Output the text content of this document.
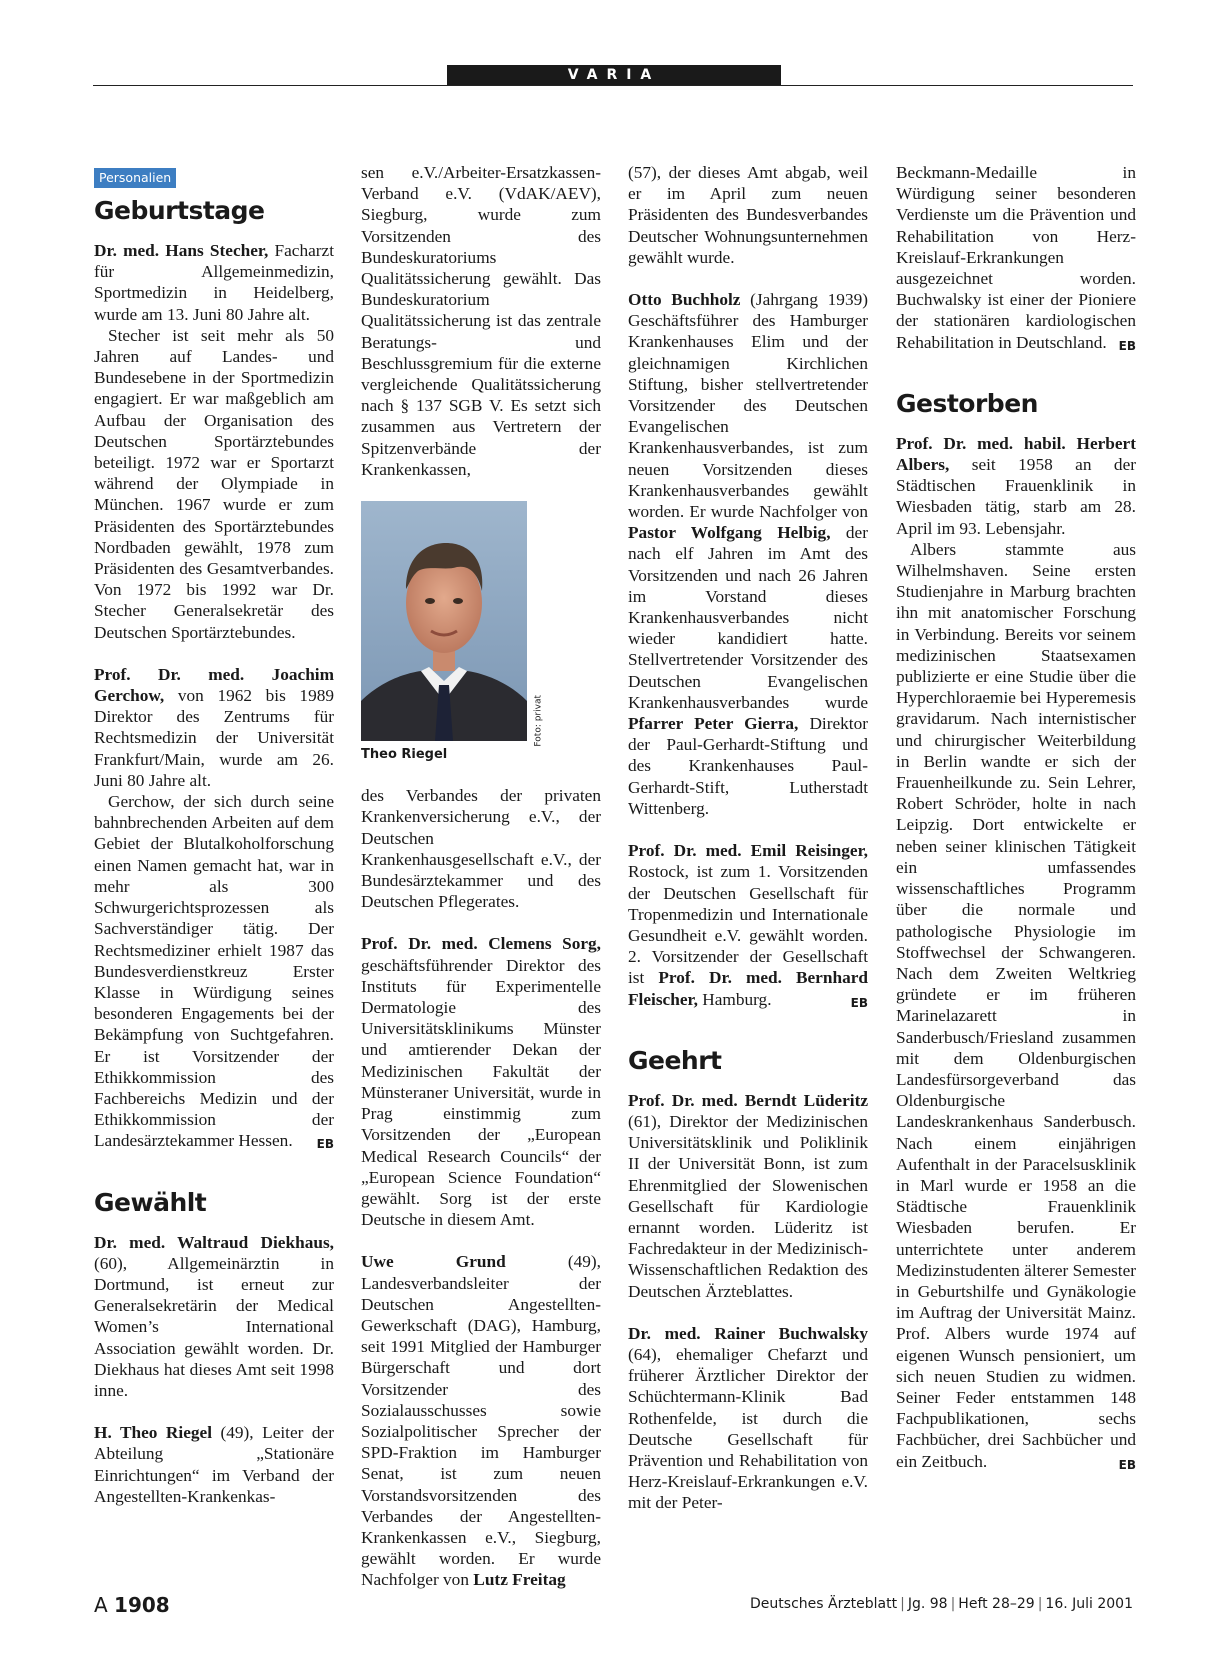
VARIA
Personalien
Geburtstage

Dr. med. Hans Stecher, Facharzt für Allgemeinmedizin, Sportmedizin in Heidelberg, wurde am 13. Juni 80 Jahre alt.

Stecher ist seit mehr als 50 Jahren auf Landes- und Bundesebene in der Sportmedizin engagiert. Er war maßgeblich am Aufbau der Organisation des Deutschen Sportärztebundes beteiligt. 1972 war er Sportarzt während der Olympiade in München. 1967 wurde er zum Präsidenten des Sportärztebundes Nordbaden gewählt, 1978 zum Präsidenten des Gesamtverbandes. Von 1972 bis 1992 war Dr. Stecher Generalsekretär des Deutschen Sportärztebundes.

Prof. Dr. med. Joachim Gerchow, von 1962 bis 1989 Direktor des Zentrums für Rechtsmedizin der Universität Frankfurt/Main, wurde am 26. Juni 80 Jahre alt.

Gerchow, der sich durch seine bahnbrechenden Arbeiten auf dem Gebiet der Blutalkoholforschung einen Namen gemacht hat, war in mehr als 300 Schwurgerichtsprozessen als Sachverständiger tätig. Der Rechtsmediziner erhielt 1987 das Bundesverdienstkreuz Erster Klasse in Würdigung seines besonderen Engagements bei der Bekämpfung von Suchtgefahren. Er ist Vorsitzender der Ethikkommission des Fachbereichs Medizin und der Ethikkommission der Landesärztekammer Hessen.	EB

Gewählt

Dr. med. Waltraud Diekhaus, (60), Allgemeinärztin in Dortmund, ist erneut zur Generalsekretärin der Medical Women’s International Association gewählt worden. Dr. Diekhaus hat dieses Amt seit 1998 inne.

H. Theo Riegel (49), Leiter der Abteilung „Stationäre Einrichtungen“ im Verband der Angestellten-Krankenkas-

sen e.V./Arbeiter-Ersatzkassen-Verband e.V. (VdAK/AEV), Siegburg, wurde zum Vorsitzenden des Bundeskuratoriums Qualitätssicherung gewählt. Das Bundeskuratorium Qualitätssicherung ist das zentrale Beratungs- und Beschlussgremium für die externe vergleichende Qualitätssicherung nach § 137 SGB V. Es setzt sich zusammen aus Vertretern der Spitzenverbände der Krankenkassen,

Foto: privat
Theo Riegel

des Verbandes der privaten Krankenversicherung e.V., der Deutschen Krankenhausgesellschaft e.V., der Bundesärztekammer und des Deutschen Pflegerates.

Prof. Dr. med. Clemens Sorg, geschäftsführender Direktor des Instituts für Experimentelle Dermatologie des Universitätsklinikums Münster und amtierender Dekan der Medizinischen Fakultät der Münsteraner Universität, wurde in Prag einstimmig zum Vorsitzenden der „European Medical Research Councils“ der „European Science Foundation“ gewählt. Sorg ist der erste Deutsche in diesem Amt.

Uwe Grund (49), Landesverbandsleiter der Deutschen Angestellten-Gewerkschaft (DAG), Hamburg, seit 1991 Mitglied der Hamburger Bürgerschaft und dort Vorsitzender des Sozialausschusses sowie Sozialpolitischer Sprecher der SPD-Fraktion im Hamburger Senat, ist zum neuen Vorstandsvorsitzenden des Verbandes der Angestellten-Krankenkassen e.V., Siegburg, gewählt worden. Er wurde Nachfolger von Lutz Freitag

(57), der dieses Amt abgab, weil er im April zum neuen Präsidenten des Bundesverbandes Deutscher Wohnungsunternehmen gewählt wurde.

Otto Buchholz (Jahrgang 1939) Geschäftsführer des Hamburger Krankenhauses Elim und der gleichnamigen Kirchlichen Stiftung, bisher stellvertretender Vorsitzender des Deutschen Evangelischen Krankenhausverbandes, ist zum neuen Vorsitzenden dieses Krankenhausverbandes gewählt worden. Er wurde Nachfolger von Pastor Wolfgang Helbig, der nach elf Jahren im Amt des Vorsitzenden und nach 26 Jahren im Vorstand dieses Krankenhausverbandes nicht wieder kandidiert hatte. Stellvertretender Vorsitzender des Deutschen Evangelischen Krankenhausverbandes wurde Pfarrer Peter Gierra, Direktor der Paul-Gerhardt-Stiftung und des Krankenhauses Paul-Gerhardt-Stift, Lutherstadt Wittenberg.

Prof. Dr. med. Emil Reisinger, Rostock, ist zum 1. Vorsitzenden der Deutschen Gesellschaft für Tropenmedizin und Internationale Gesundheit e.V. gewählt worden. 2. Vorsitzender der Gesellschaft ist Prof. Dr. med. Bernhard Fleischer, Hamburg.	EB

Geehrt

Prof. Dr. med. Berndt Lüderitz (61), Direktor der Medizinischen Universitätsklinik und Poliklinik II der Universität Bonn, ist zum Ehrenmitglied der Slowenischen Gesellschaft für Kardiologie ernannt worden. Lüderitz ist Fachredakteur in der Medizinisch-Wissenschaftlichen Redaktion des Deutschen Ärzteblattes.

Dr. med. Rainer Buchwalsky (64), ehemaliger Chefarzt und früherer Ärztlicher Direktor der Schüchtermann-Klinik Bad Rothenfelde, ist durch die Deutsche Gesellschaft für Prävention und Rehabilitation von Herz-Kreislauf-Erkrankungen e.V. mit der Peter-

Beckmann-Medaille in Würdigung seiner besonderen Verdienste um die Prävention und Rehabilitation von Herz-Kreislauf-Erkrankungen ausgezeichnet worden. Buchwalsky ist einer der Pioniere der stationären kardiologischen Rehabilitation in Deutschland. EB

Gestorben

Prof. Dr. med. habil. Herbert Albers, seit 1958 an der Städtischen Frauenklinik in Wiesbaden tätig, starb am 28. April im 93. Lebensjahr.

Albers stammte aus Wilhelmshaven. Seine ersten Studienjahre in Marburg brachten ihn mit anatomischer Forschung in Verbindung. Bereits vor seinem medizinischen Staatsexamen publizierte er eine Studie über die Hyperchloraemie bei Hyperemesis gravidarum. Nach internistischer und chirurgischer Weiterbildung in Berlin wandte er sich der Frauenheilkunde zu. Sein Lehrer, Robert Schröder, holte in nach Leipzig. Dort entwickelte er neben seiner klinischen Tätigkeit ein umfassendes wissenschaftliches Programm über die normale und pathologische Physiologie im Stoffwechsel der Schwangeren. Nach dem Zweiten Weltkrieg gründete er im früheren Marinelazarett in Sanderbusch/Friesland zusammen mit dem Oldenburgischen Landesfürsorgeverband das Oldenburgische Landeskrankenhaus Sanderbusch. Nach einem einjährigen Aufenthalt in der Paracelsusklinik in Marl wurde er 1958 an die Städtische Frauenklinik Wiesbaden berufen. Er unterrichtete unter anderem Medizinstudenten älterer Semester in Geburtshilfe und Gynäkologie im Auftrag der Universität Mainz. Prof. Albers wurde 1974 auf eigenen Wunsch pensioniert, um sich neuen Studien zu widmen. Seiner Feder entstammen 148 Fachpublikationen, sechs Fachbücher, drei Sachbücher und ein Zeitbuch.	EB

A 1908	Deutsches Ärzteblatt | Jg. 98 | Heft 28–29 | 16. Juli 2001
